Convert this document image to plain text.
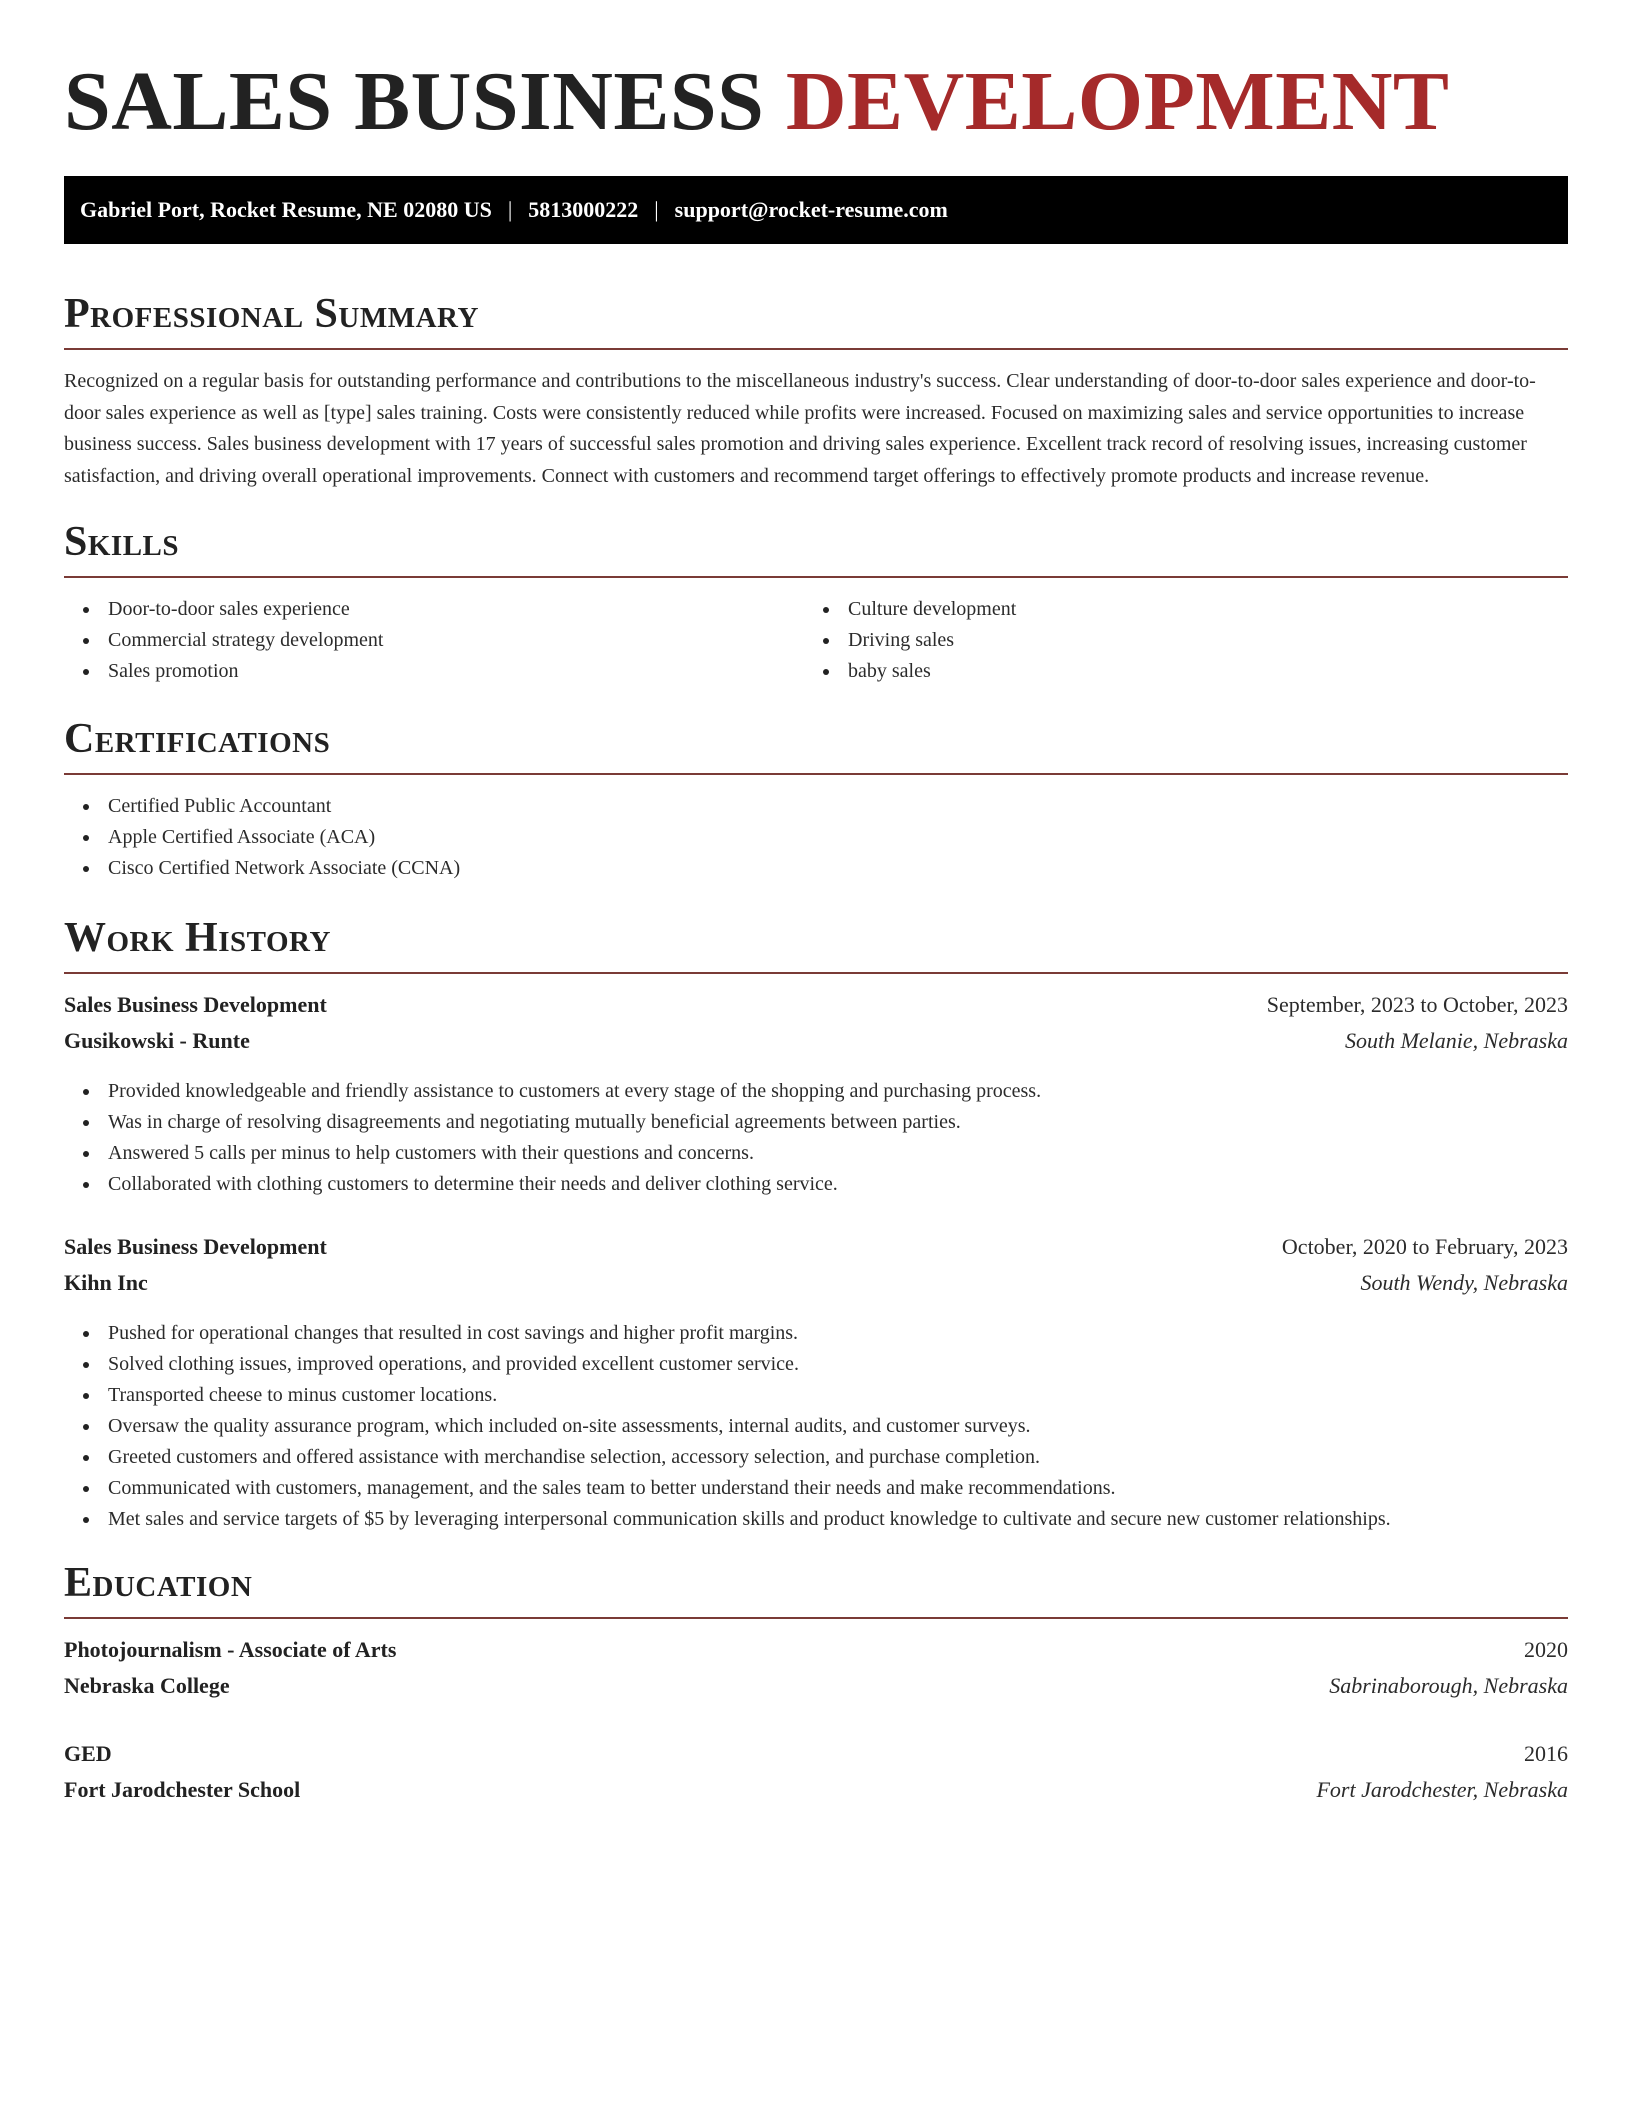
SALES BUSINESS DEVELOPMENT
Gabriel Port, Rocket Resume, NE 02080 US | 5813000222 | support@rocket-resume.com
Professional Summary
Recognized on a regular basis for outstanding performance and contributions to the miscellaneous industry's success. Clear understanding of door-to-door sales experience and door-to-door sales experience as well as [type] sales training. Costs were consistently reduced while profits were increased. Focused on maximizing sales and service opportunities to increase business success. Sales business development with 17 years of successful sales promotion and driving sales experience. Excellent track record of resolving issues, increasing customer satisfaction, and driving overall operational improvements. Connect with customers and recommend target offerings to effectively promote products and increase revenue.
Skills
Door-to-door sales experience
Commercial strategy development
Sales promotion
Culture development
Driving sales
baby sales
Certifications
Certified Public Accountant
Apple Certified Associate (ACA)
Cisco Certified Network Associate (CCNA)
Work History
Sales Business Development	September, 2023 to October, 2023
Gusikowski - Runte	South Melanie, Nebraska
Provided knowledgeable and friendly assistance to customers at every stage of the shopping and purchasing process.
Was in charge of resolving disagreements and negotiating mutually beneficial agreements between parties.
Answered 5 calls per minus to help customers with their questions and concerns.
Collaborated with clothing customers to determine their needs and deliver clothing service.
Sales Business Development	October, 2020 to February, 2023
Kihn Inc	South Wendy, Nebraska
Pushed for operational changes that resulted in cost savings and higher profit margins.
Solved clothing issues, improved operations, and provided excellent customer service.
Transported cheese to minus customer locations.
Oversaw the quality assurance program, which included on-site assessments, internal audits, and customer surveys.
Greeted customers and offered assistance with merchandise selection, accessory selection, and purchase completion.
Communicated with customers, management, and the sales team to better understand their needs and make recommendations.
Met sales and service targets of $5 by leveraging interpersonal communication skills and product knowledge to cultivate and secure new customer relationships.
Education
Photojournalism - Associate of Arts	2020
Nebraska College	Sabrinaborough, Nebraska
GED	2016
Fort Jarodchester School	Fort Jarodchester, Nebraska
